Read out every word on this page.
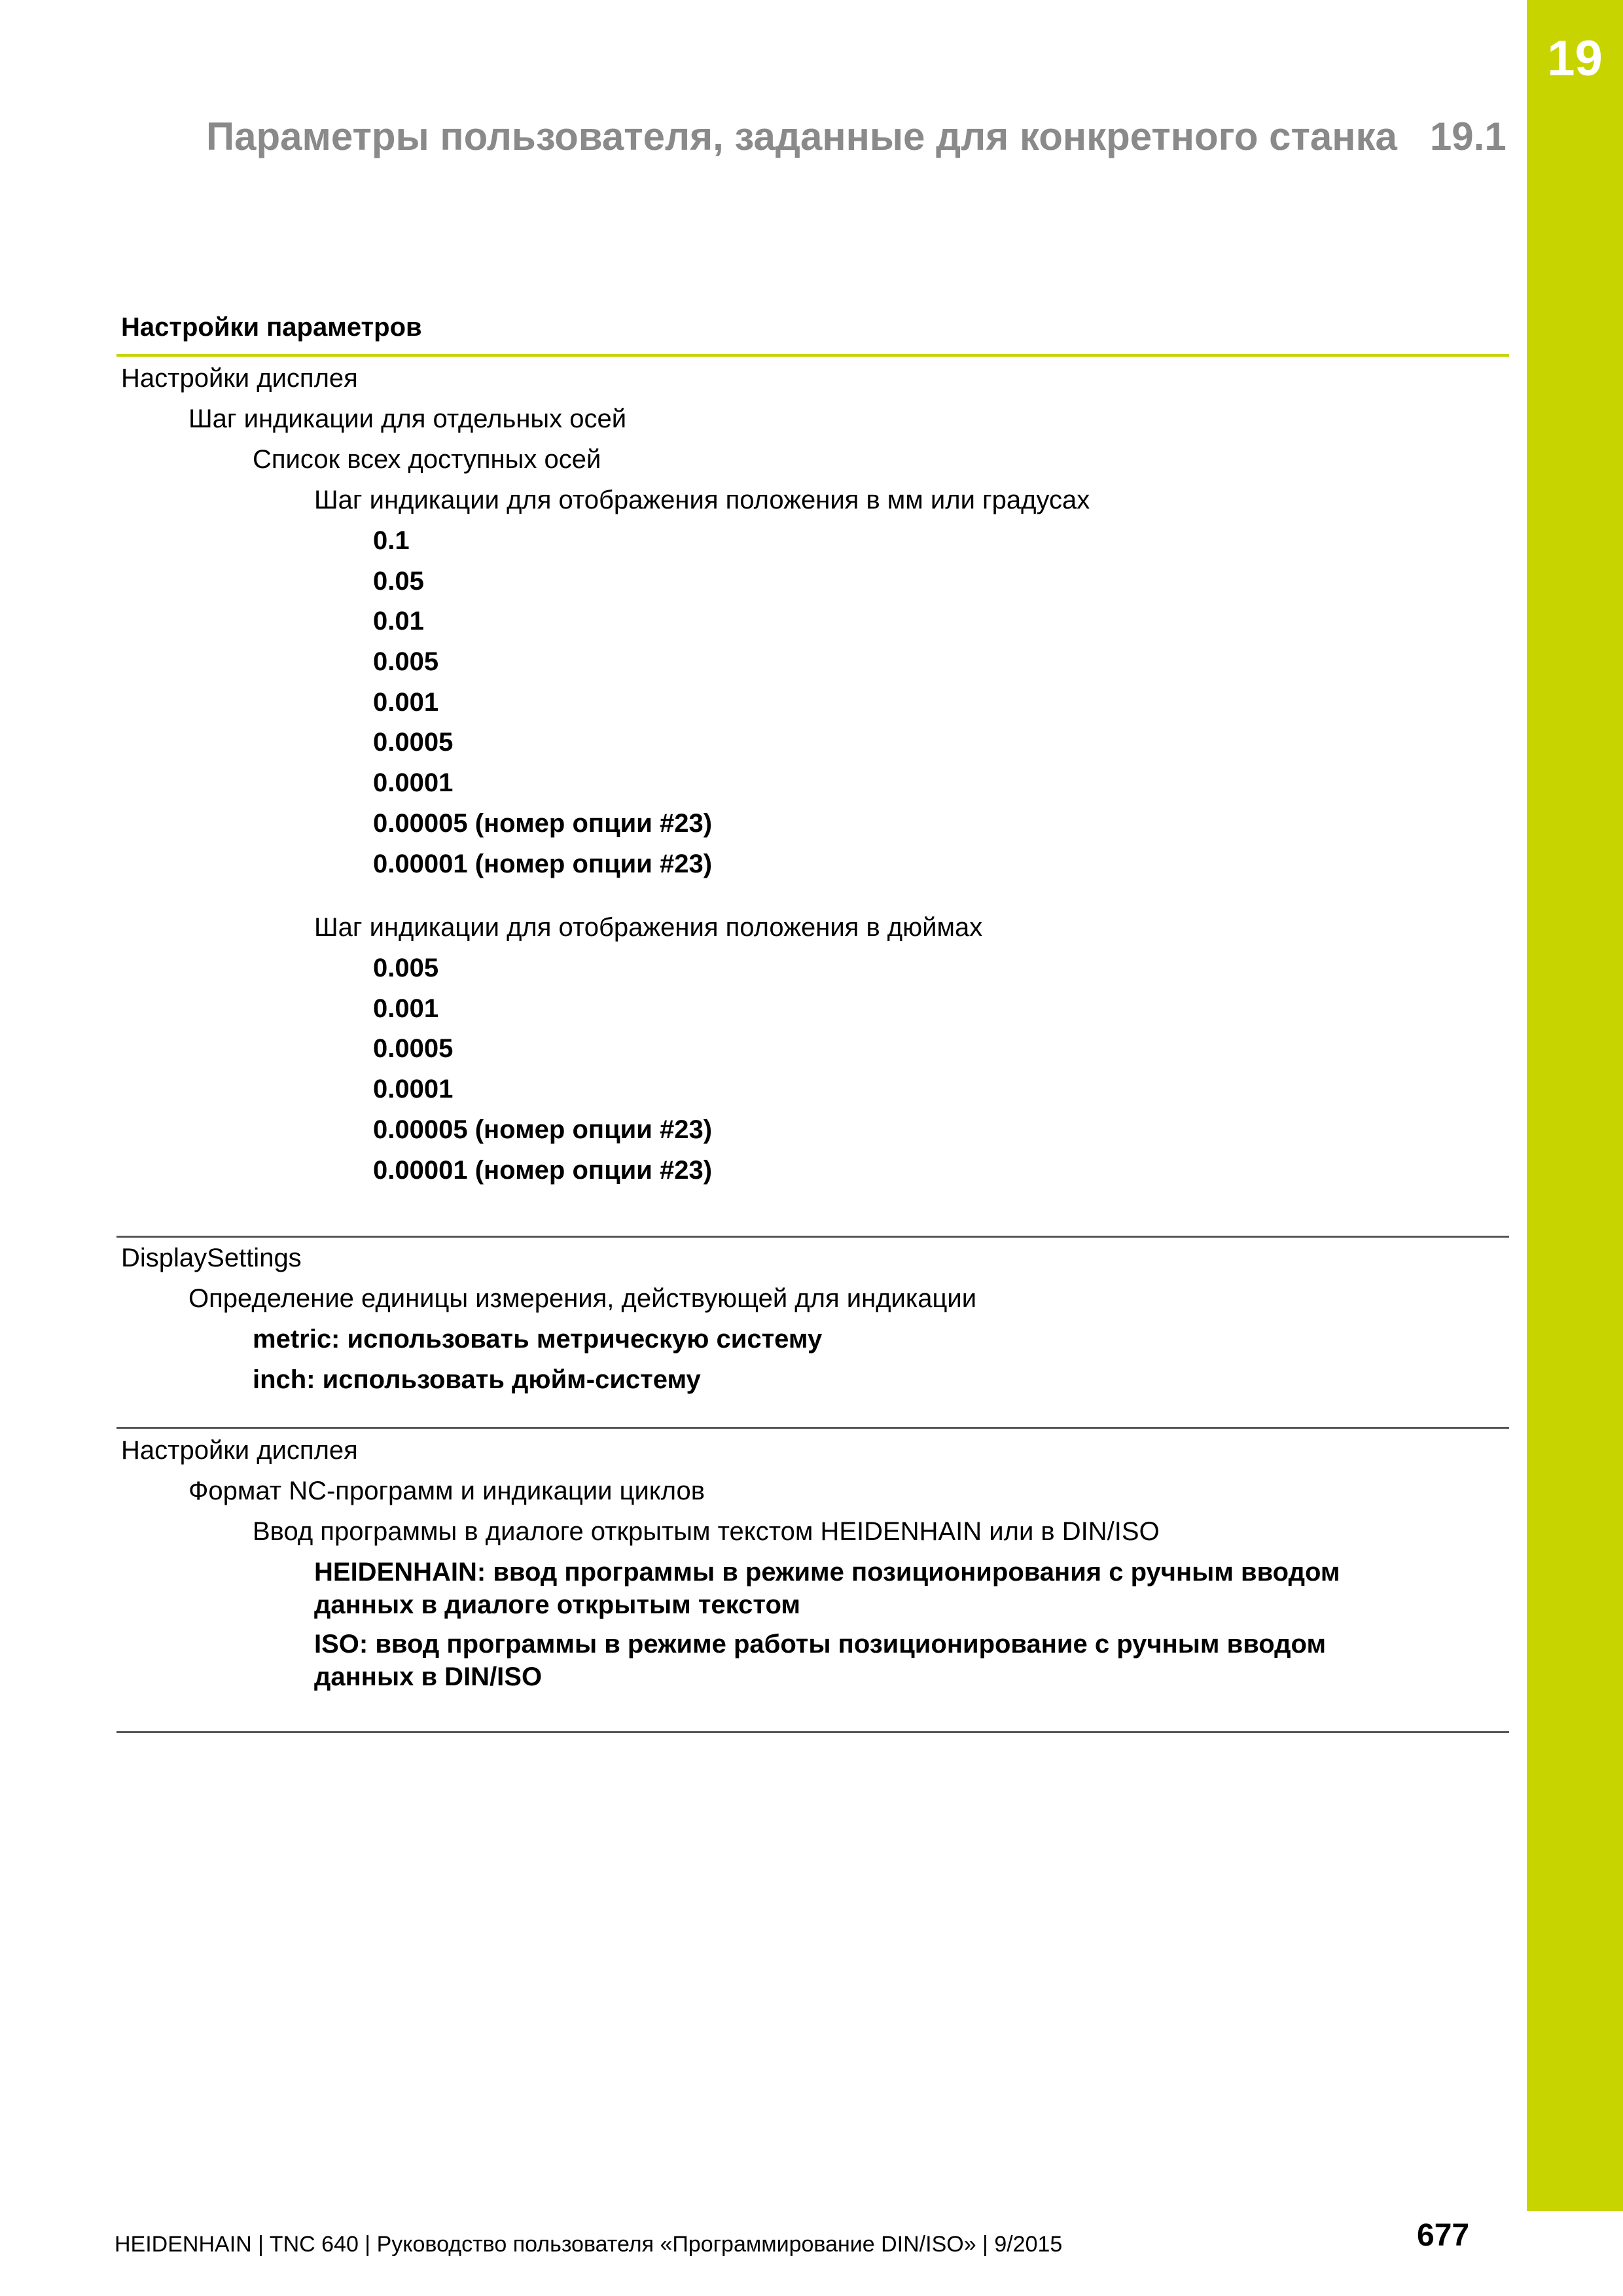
19
Параметры пользователя, заданные для конкретного станка 19.1
Настройки параметров
Настройки дисплея
Шаг индикации для отдельных осей
Список всех доступных осей
Шаг индикации для отображения положения в мм или градусах
0.1
0.05
0.01
0.005
0.001
0.0005
0.0001
0.00005 (номер опции #23)
0.00001 (номер опции #23)
Шаг индикации для отображения положения в дюймах
0.005
0.001
0.0005
0.0001
0.00005 (номер опции #23)
0.00001 (номер опции #23)
DisplaySettings
Определение единицы измерения, действующей для индикации
metric: использовать метрическую систему
inch: использовать дюйм-систему
Настройки дисплея
Формат NC-программ и индикации циклов
Ввод программы в диалоге открытым текстом HEIDENHAIN или в DIN/ISO
HEIDENHAIN: ввод программы в режиме позиционирования с ручным вводом данных в диалоге открытым текстом
ISO: ввод программы в режиме работы позиционирование с ручным вводом данных в DIN/ISO
HEIDENHAIN | TNC 640 | Руководство пользователя «Программирование DIN/ISO» | 9/2015	677
